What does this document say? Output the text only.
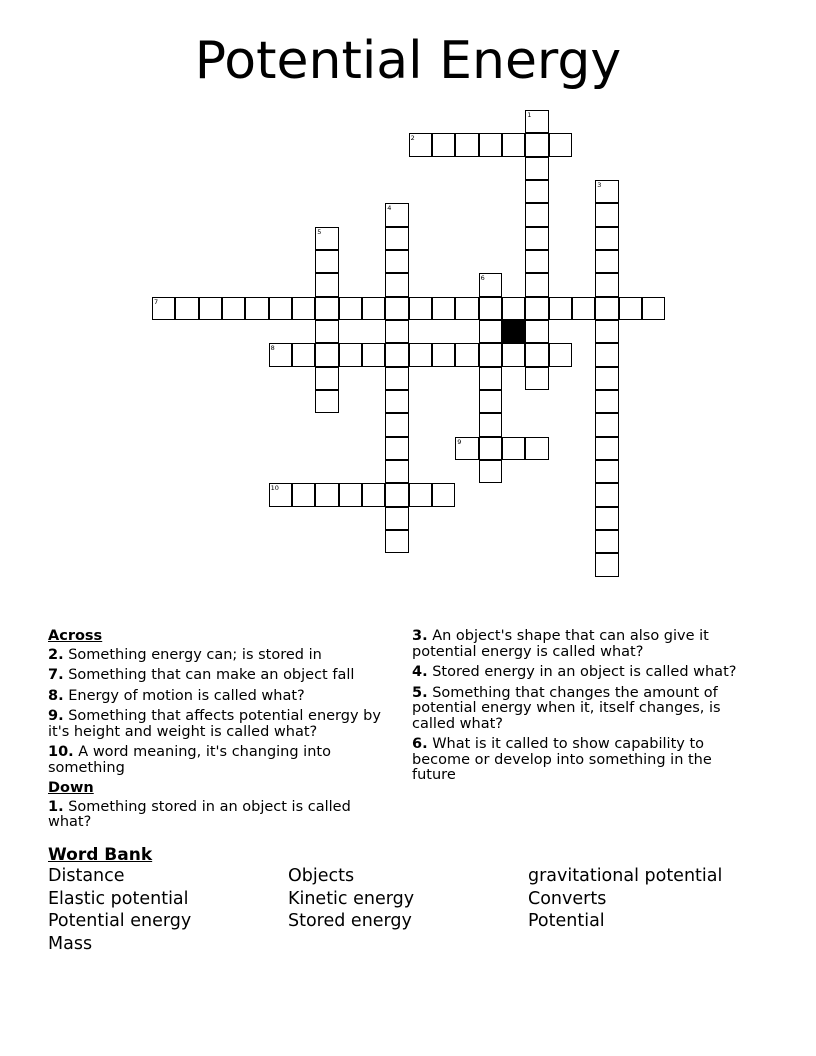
Potential Energy
1
2
3
4
5
6
7
8
9
10
Across
2. Something energy can; is stored in
7. Something that can make an object fall
8. Energy of motion is called what?
9. Something that affects potential energy by it's height and weight is called what?
10. A word meaning, it's changing into something
Down
1. Something stored in an object is called what?
3. An object's shape that can also give it potential energy is called what?
4. Stored energy in an object is called what?
5. Something that changes the amount of potential energy when it, itself changes, is called what?
6. What is it called to show capability to become or develop into something in the future
Word Bank
Distance	Objects	gravitational potential
Elastic potential	Kinetic energy	Converts
Potential energy	Stored energy	Potential
Mass
